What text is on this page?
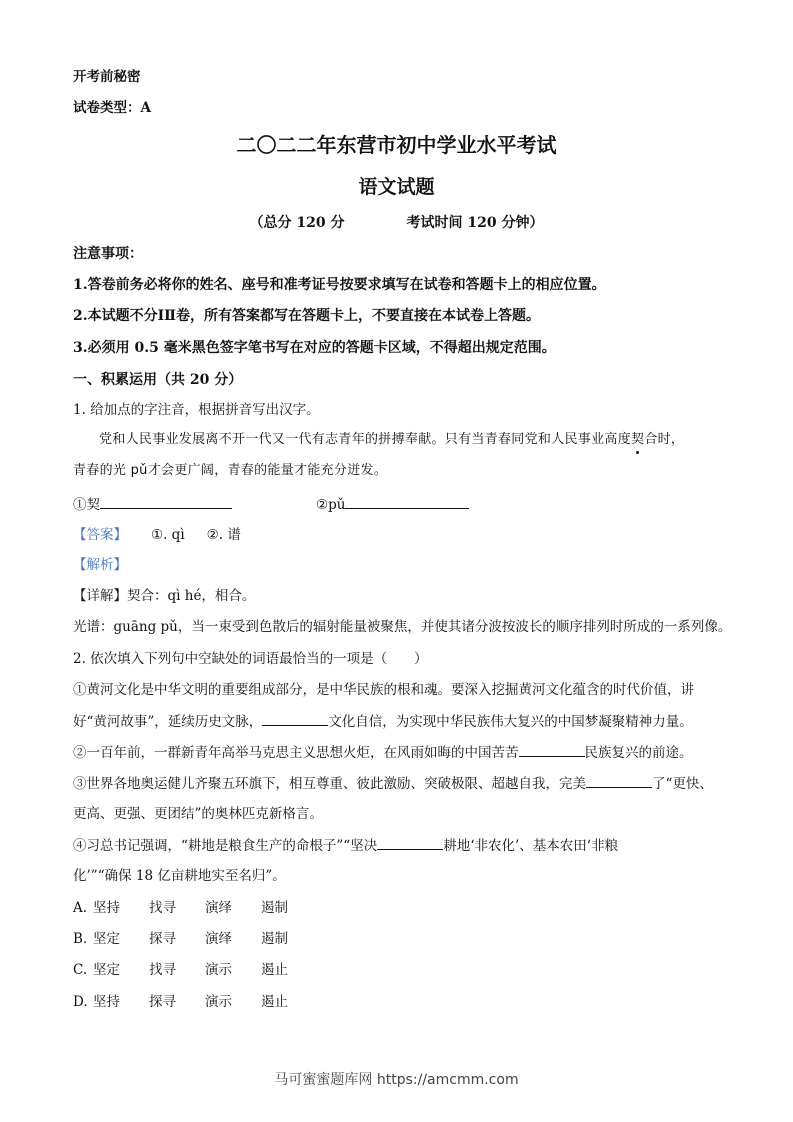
开考前秘密
试卷类型：A
二〇二二年东营市初中学业水平考试
语文试题
（总分 120 分	考试时间 120 分钟）
注意事项：
1.答卷前务必将你的姓名、座号和准考证号按要求填写在试卷和答题卡上的相应位置。
2.本试题不分ⅠⅡ卷，所有答案都写在答题卡上，不要直接在本试卷上答题。
3.必须用 0.5 毫米黑色签字笔书写在对应的答题卡区域，不得超出规定范围。
一、积累运用（共 20 分）
1. 给加点的字注音，根据拼音写出汉字。
党和人民事业发展离不开一代又一代有志青年的拼搏奉献。只有当青春同党和人民事业高度契合时，
青春的光 pǔ才会更广阔，青春的能量才能充分迸发。
①契	②pǔ
【答案】 ①. qì ②. 谱
【解析】
【详解】契合：qì hé，相合。
光谱：guāng pǔ，当一束受到色散后的辐射能量被聚焦，并使其诸分波按波长的顺序排列时所成的一系列像。
2. 依次填入下列句中空缺处的词语最恰当的一项是（　　）
①黄河文化是中华文明的重要组成部分，是中华民族的根和魂。要深入挖掘黄河文化蕴含的时代价值，讲
好“黄河故事”，延续历史文脉，	文化自信，为实现中华民族伟大复兴的中国梦凝聚精神力量。
②一百年前，一群新青年高举马克思主义思想火炬，在风雨如晦的中国苦苦	民族复兴的前途。
③世界各地奥运健儿齐聚五环旗下，相互尊重、彼此激励、突破极限、超越自我，完美	了“更快、
更高、更强、更团结”的奥林匹克新格言。
④习总书记强调，“耕地是粮食生产的命根子”“坚决	耕地‘非农化’、基本农田‘非粮
化’”“确保 18 亿亩耕地实至名归”。
A. 坚持 找寻 演绎 遏制
B. 坚定 探寻 演绎 遏制
C. 坚定 找寻 演示 遏止
D. 坚持 探寻 演示 遏止
马可蜜蜜题库网 https://amcmm.com
